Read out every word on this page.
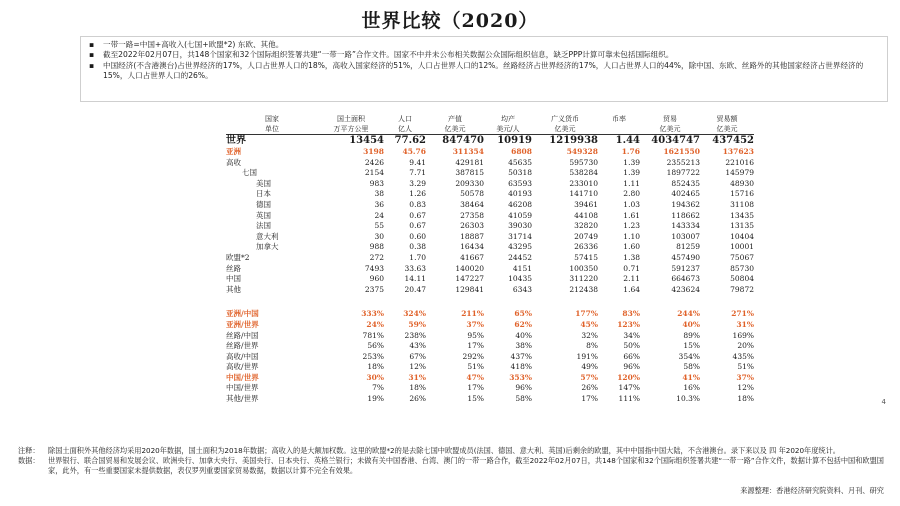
世界比较（2020）
▪	一带一路=中国+高收入(七国+欧盟*2) 东欧、其他。
▪	截至2022年02月07日，共148个国家和32个国际组织签署共建“一带一路”合作文件。国家不中并未公布相关数据公众国际组织信息，缺乏PPP计算可靠未包括国际组织。
▪	中国经济(不含港澳台)占世界经济的17%，人口占世界人口的18%，高收入国家经济的51%，人口占世界人口的12%。丝路经济占世界经济的17%，人口占世界人口的44%，除中国、东欧、丝路外的其他国家经济占世界经济的15%，人口占世界人口的26%。
国家	国土面积	人口	产值	均产	广义货币	币率	贸易	贸易额
单位	万平方公里	亿人	亿美元	美元/人	亿美元		亿美元	亿美元
世界	13454	77.62	847470	10919	1219938	1.44	4034747	437452
亚洲	3198	45.76	311354	6808	549328	1.76	1621550	137623
高收	2426	9.41	429181	45635	595730	1.39	2355213	221016
七国	2154	7.71	387815	50318	538284	1.39	1897722	145979
美国	983	3.29	209330	63593	233010	1.11	852435	48930
日本	38	1.26	50578	40193	141710	2.80	402465	15716
德国	36	0.83	38464	46208	39461	1.03	194362	31108
英国	24	0.67	27358	41059	44108	1.61	118662	13435
法国	55	0.67	26303	39030	32820	1.23	143334	13135
意大利	30	0.60	18887	31714	20749	1.10	103007	10404
加拿大	988	0.38	16434	43295	26336	1.60	81259	10001
欧盟*2	272	1.70	41667	24452	57415	1.38	457490	75067
丝路	7493	33.63	140020	4151	100350	0.71	591237	85730
中国	960	14.11	147227	10435	311220	2.11	664673	50804
其他	2375	20.47	129841	6343	212438	1.64	423624	79872

亚洲/中国	333%	324%	211%	65%	177%	83%	244%	271%
亚洲/世界	24%	59%	37%	62%	45%	123%	40%	31%
丝路/中国	781%	238%	95%	40%	32%	34%	89%	169%
丝路/世界	56%	43%	17%	38%	8%	50%	15%	20%
高收/中国	253%	67%	292%	437%	191%	66%	354%	435%
高收/世界	18%	12%	51%	418%	49%	96%	58%	51%
中国/世界	30%	31%	47%	353%	57%	120%	41%	37%
中国/世界	7%	18%	17%	96%	26%	147%	16%	12%
其他/世界	19%	26%	15%	58%	17%	111%	10.3%	18%	4
注释：	除国土面积外其他经济均采用2020年数据，国土面积为2018年数据；高收入的是大额加权数。这里的欧盟*2的是去除七国中欧盟成员(法国、德国、意大利、英国)后剩余的欧盟，其中中国指中国大陆，不含港澳台。录下来以及 四 年2020年度统计。
数据：	世界银行、联合国贸易和发展会议、欧洲央行、加拿大央行、美国央行、日本央行、英格兰银行；未做有关中国香港、台湾、澳门的一带一路合作，截至2022年02月07日，共148个国家和32个国际组织签署共建“一带一路”合作文件，数据计算不包括中国和欧盟国家，此外，有一些重要国家未提供数据，表仅罗列重要国家贸易数据，数据以计算不完全有效果。
来源整理：香港经济研究院资料、月刊、研究
